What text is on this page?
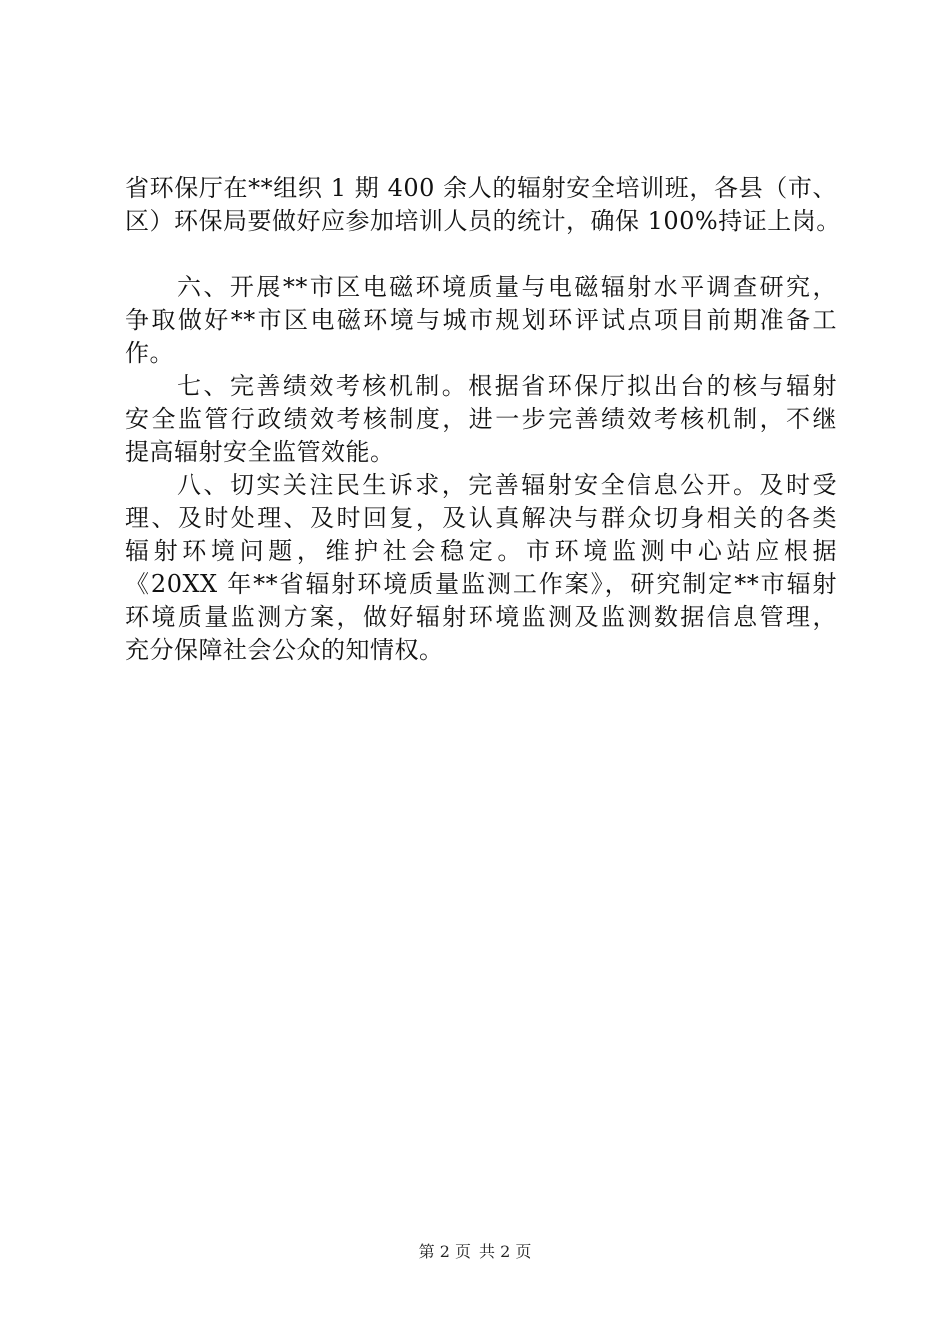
省环保厅在**组织 1 期 400 余人的辐射安全培训班，各县（市、
区）环保局要做好应参加培训人员的统计，确保 100%持证上岗。
六、开展**市区电磁环境质量与电磁辐射水平调查研究，
争取做好**市区电磁环境与城市规划环评试点项目前期准备工
作。
七、完善绩效考核机制。根据省环保厅拟出台的核与辐射
安全监管行政绩效考核制度，进一步完善绩效考核机制，不继
提高辐射安全监管效能。
八、切实关注民生诉求，完善辐射安全信息公开。及时受
理、及时处理、及时回复，及认真解决与群众切身相关的各类
辐射环境问题，维护社会稳定。市环境监测中心站应根据
《20XX 年**省辐射环境质量监测工作案》，研究制定**市辐射
环境质量监测方案，做好辐射环境监测及监测数据信息管理，
充分保障社会公众的知情权。
第 2 页 共 2 页
